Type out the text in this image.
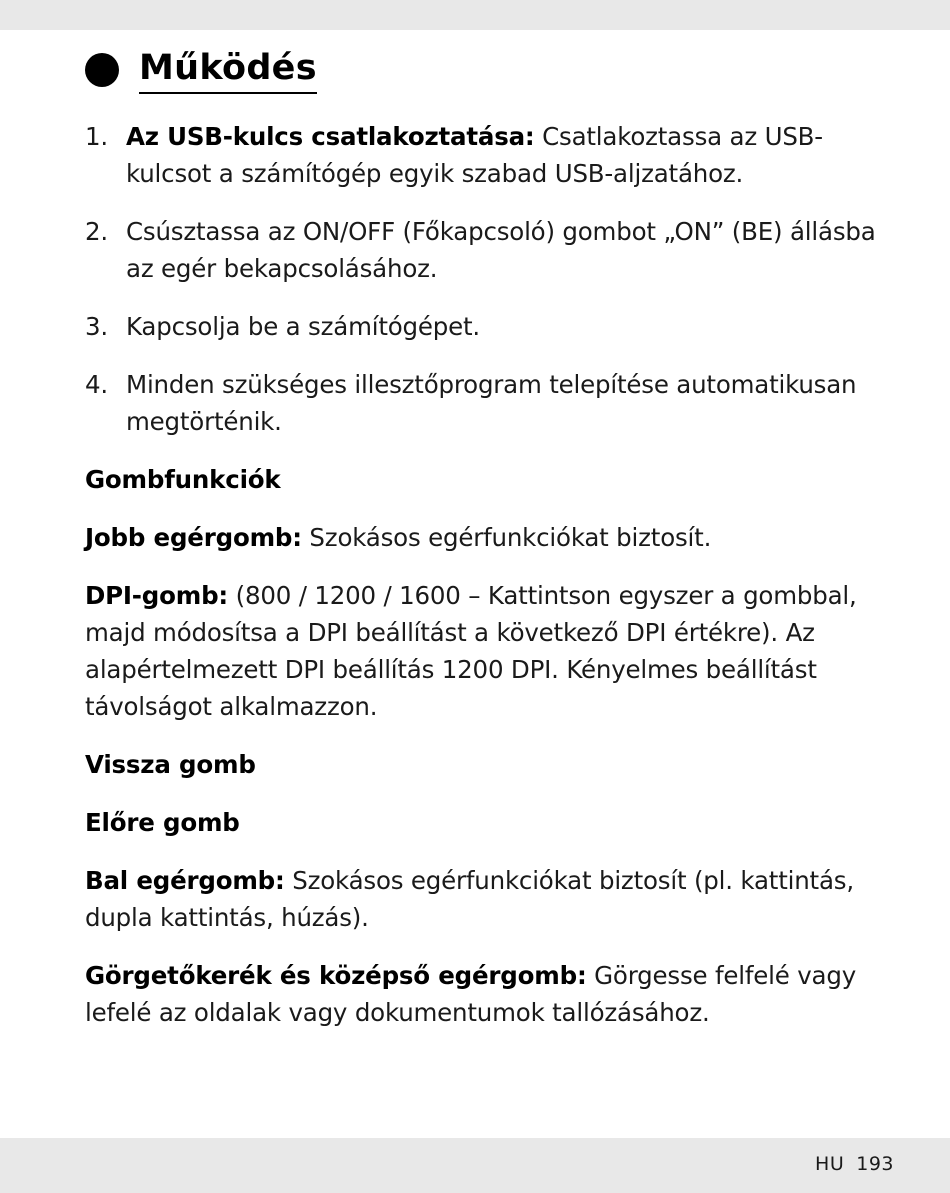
Működés
1. Az USB-kulcs csatlakoztatása: Csatlakoztassa az USB-kulcsot a számítógép egyik szabad USB-aljzatához.
2. Csúsztassa az ON/OFF (Főkapcsoló) gombot „ON” (BE) állásba az egér bekapcsolásához.
3. Kapcsolja be a számítógépet.
4. Minden szükséges illesztőprogram telepítése automatikusan megtörténik.

Gombfunkciók

Jobb egérgomb: Szokásos egérfunkciókat biztosít.

DPI-gomb: (800 / 1200 / 1600 – Kattintson egyszer a gombbal, majd módosítsa a DPI beállítást a következő DPI értékre). Az alapértelmezett DPI beállítás 1200 DPI. Kényelmes beállítást távolságot alkalmazzon.

Vissza gomb

Előre gomb

Bal egérgomb: Szokásos egérfunkciókat biztosít (pl. kattintás, dupla kattintás, húzás).

Görgetőkerék és középső egérgomb: Görgesse felfelé vagy lefelé az oldalak vagy dokumentumok tallózásához.

HU 193
